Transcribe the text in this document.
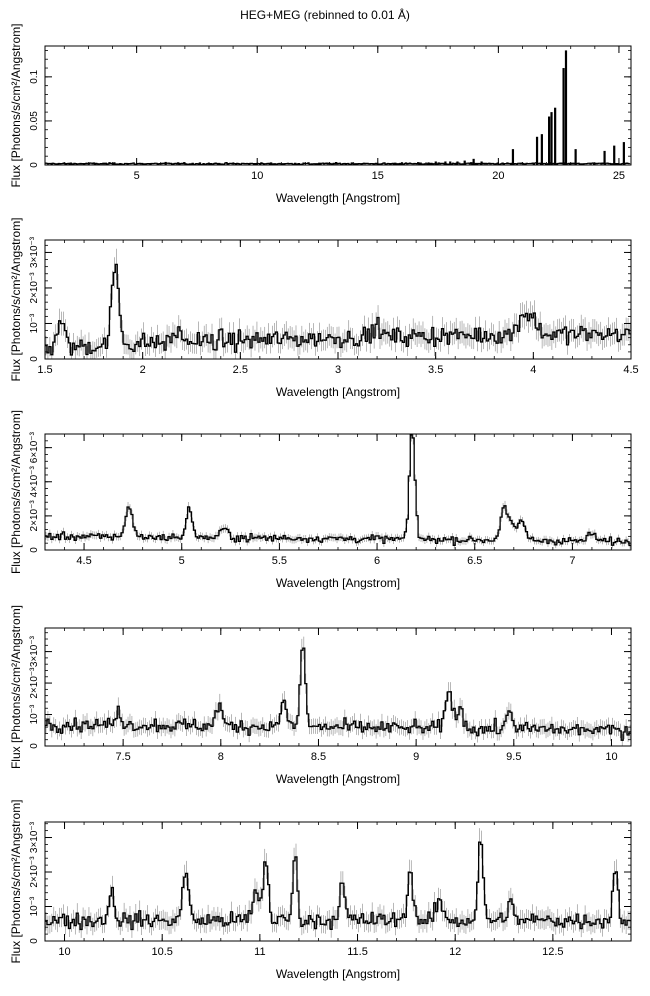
HEG+MEG (rebinned to 0.01 Å)
5	10	15	20	25
0
0.05
0.1
Wavelength [Angstrom]
Flux [Photons/s/cm²/Angstrom]
1.5	2	2.5	3	3.5	4	4.5
0
10⁻³
2×10⁻³
3×10⁻³
Wavelength [Angstrom]
Flux [Photons/s/cm²/Angstrom]
4.5	5	5.5	6	6.5	7
0
2×10⁻³
4×10⁻³
6×10⁻³
Wavelength [Angstrom]
Flux [Photons/s/cm²/Angstrom]
7.5	8	8.5	9	9.5	10
0
10⁻³
2×10⁻³
3×10⁻³
Wavelength [Angstrom]
Flux [Photons/s/cm²/Angstrom]
10	10.5	11	11.5	12	12.5
0
10⁻³
2×10⁻³
3×10⁻³
Wavelength [Angstrom]
Flux [Photons/s/cm²/Angstrom]
